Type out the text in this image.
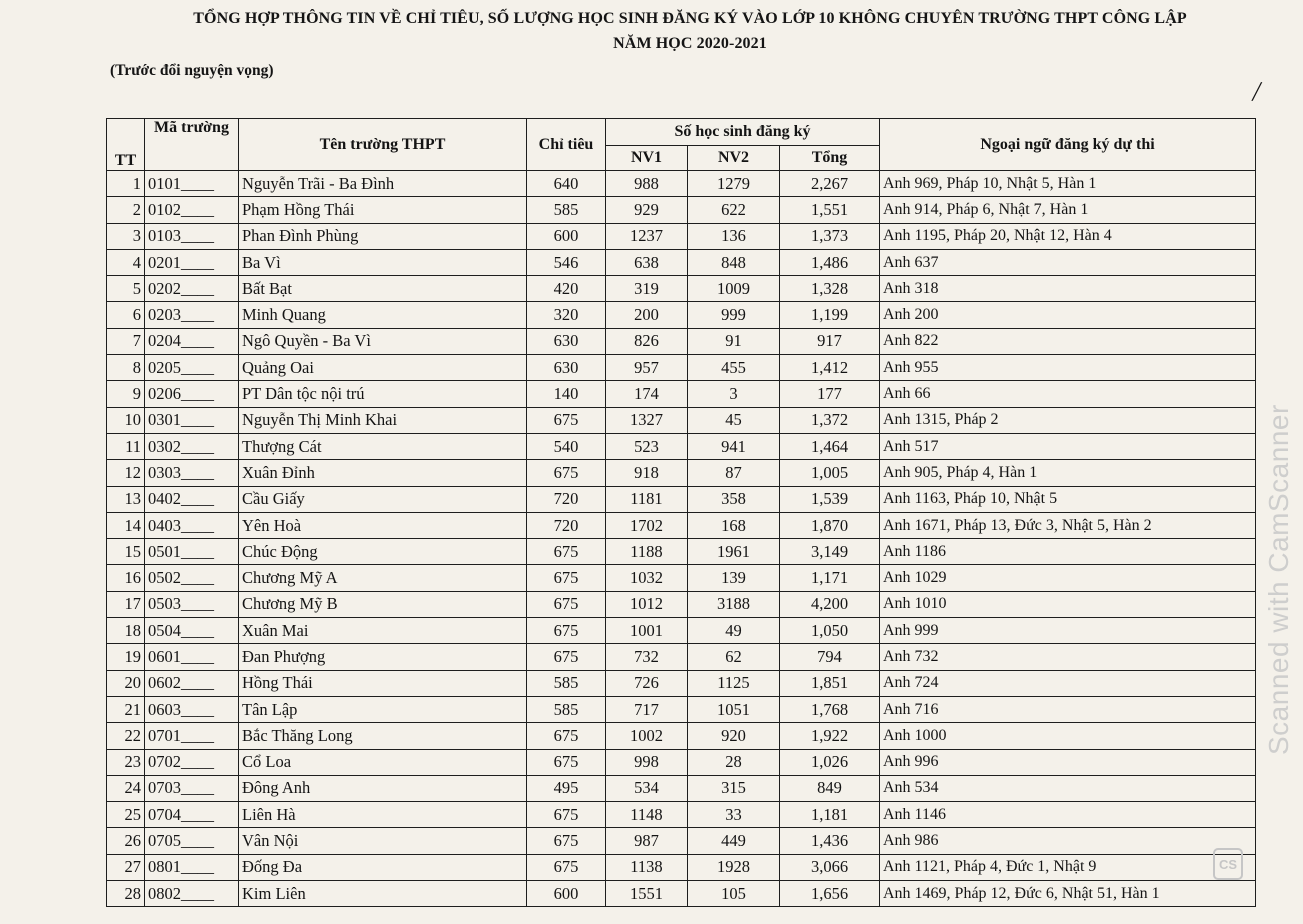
TỔNG HỢP THÔNG TIN VỀ CHỈ TIÊU, SỐ LƯỢNG HỌC SINH ĐĂNG KÝ VÀO LỚP 10 KHÔNG CHUYÊN TRƯỜNG THPT CÔNG LẬP
NĂM HỌC 2020-2021
(Trước đổi nguyện vọng)
╱
TT	Mã trường	Tên trường THPT	Chỉ tiêu	Số học sinh đăng ký			Ngoại ngữ đăng ký dự thi
				NV1	NV2	Tổng	
1	0101____	Nguyễn Trãi - Ba Đình	640	988	1279	2,267	Anh 969, Pháp 10, Nhật 5, Hàn 1
2	0102____	Phạm Hồng Thái	585	929	622	1,551	Anh 914, Pháp 6, Nhật 7, Hàn 1
3	0103____	Phan Đình Phùng	600	1237	136	1,373	Anh 1195, Pháp 20, Nhật 12, Hàn 4
4	0201____	Ba Vì	546	638	848	1,486	Anh 637
5	0202____	Bất Bạt	420	319	1009	1,328	Anh 318
6	0203____	Minh Quang	320	200	999	1,199	Anh 200
7	0204____	Ngô Quyền - Ba Vì	630	826	91	917	Anh 822
8	0205____	Quảng Oai	630	957	455	1,412	Anh 955
9	0206____	PT Dân tộc nội trú	140	174	3	177	Anh 66
10	0301____	Nguyễn Thị Minh Khai	675	1327	45	1,372	Anh 1315, Pháp 2
11	0302____	Thượng Cát	540	523	941	1,464	Anh 517
12	0303____	Xuân Đỉnh	675	918	87	1,005	Anh 905, Pháp 4, Hàn 1
13	0402____	Cầu Giấy	720	1181	358	1,539	Anh 1163, Pháp 10, Nhật 5
14	0403____	Yên Hoà	720	1702	168	1,870	Anh 1671, Pháp 13, Đức 3, Nhật 5, Hàn 2
15	0501____	Chúc Động	675	1188	1961	3,149	Anh 1186
16	0502____	Chương Mỹ A	675	1032	139	1,171	Anh 1029
17	0503____	Chương Mỹ B	675	1012	3188	4,200	Anh 1010
18	0504____	Xuân Mai	675	1001	49	1,050	Anh 999
19	0601____	Đan Phượng	675	732	62	794	Anh 732
20	0602____	Hồng Thái	585	726	1125	1,851	Anh 724
21	0603____	Tân Lập	585	717	1051	1,768	Anh 716
22	0701____	Bắc Thăng Long	675	1002	920	1,922	Anh 1000
23	0702____	Cổ Loa	675	998	28	1,026	Anh 996
24	0703____	Đông Anh	495	534	315	849	Anh 534
25	0704____	Liên Hà	675	1148	33	1,181	Anh 1146
26	0705____	Vân Nội	675	987	449	1,436	Anh 986
27	0801____	Đống Đa	675	1138	1928	3,066	Anh 1121, Pháp 4, Đức 1, Nhật 9
28	0802____	Kim Liên	600	1551	105	1,656	Anh 1469, Pháp 12, Đức 6, Nhật 51, Hàn 1
Scanned with CamScanner
CS
